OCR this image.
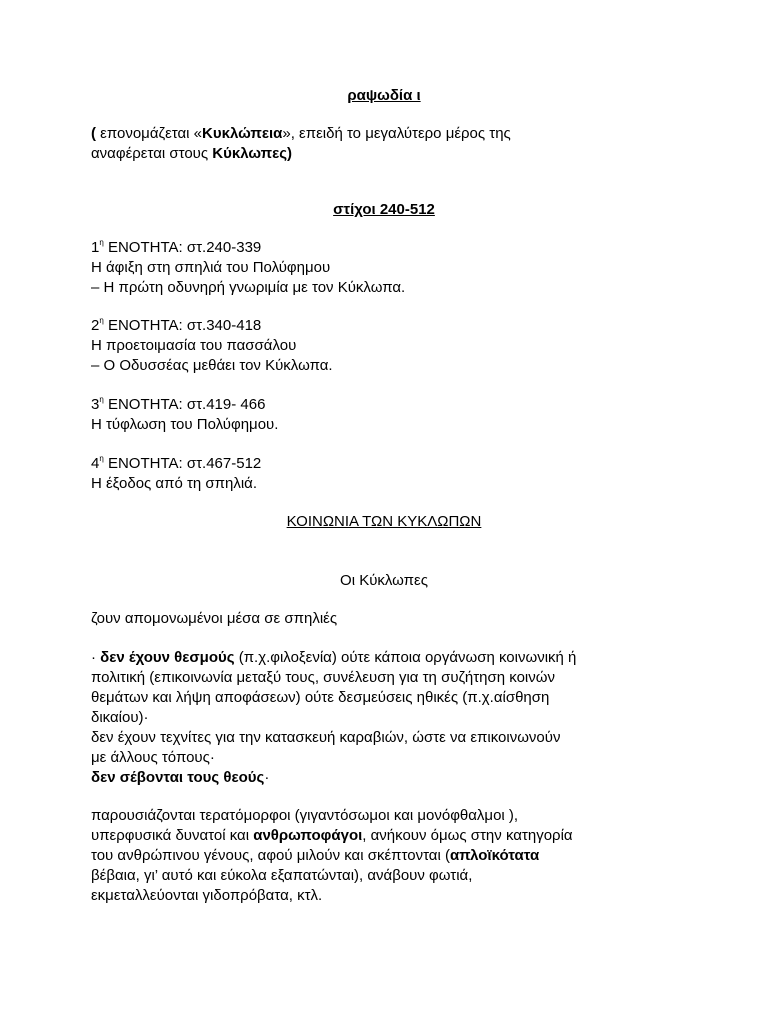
ραψωδία ι
( επονομάζεται «Κυκλώπεια», επειδή το μεγαλύτερο μέρος της
αναφέρεται στους Κύκλωπες)
στίχοι 240-512
$1^\eta$ ΕΝΟΤΗΤΑ: στ.240-339
Η άφιξη στη σπηλιά του Πολύφημου
– Η πρώτη οδυνηρή γνωριμία με τον Κύκλωπα.
$2^\eta$ ΕΝΟΤΗΤΑ: στ.340-418
Η προετοιμασία του πασσάλου
– Ο Οδυσσέας μεθάει τον Κύκλωπα.
$3^\eta$ ΕΝΟΤΗΤΑ: στ.419- 466
Η τύφλωση του Πολύφημου.
$4^\eta$ ΕΝΟΤΗΤΑ: στ.467-512
Η έξοδος από τη σπηλιά.
ΚΟΙΝΩΝΙΑ ΤΩΝ ΚΥΚΛΩΠΩΝ
Οι Κύκλωπες
ζουν απομονωμένοι μέσα σε σπηλιές
· δεν έχουν θεσμούς (π.χ.φιλοξενία) ούτε κάποια οργάνωση κοινωνική ή
πολιτική (επικοινωνία μεταξύ τους, συνέλευση για τη συζήτηση κοινών
θεμάτων και λήψη αποφάσεων) ούτε δεσμεύσεις ηθικές (π.χ.αίσθηση
δικαίου)·
δεν έχουν τεχνίτες για την κατασκευή καραβιών, ώστε να επικοινωνούν
με άλλους τόπους·
δεν σέβονται τους θεούς·
παρουσιάζονται τερατόμορφοι (γιγαντόσωμοι και μονόφθαλμοι ),
υπερφυσικά δυνατοί και ανθρωποφάγοι, ανήκουν όμως στην κατηγορία
του ανθρώπινου γένους, αφού μιλούν και σκέπτονται (απλοϊκότατα
βέβαια, γι’ αυτό και εύκολα εξαπατώνται), ανάβουν φωτιά,
εκμεταλλεύονται γιδοπρόβατα, κτλ.
